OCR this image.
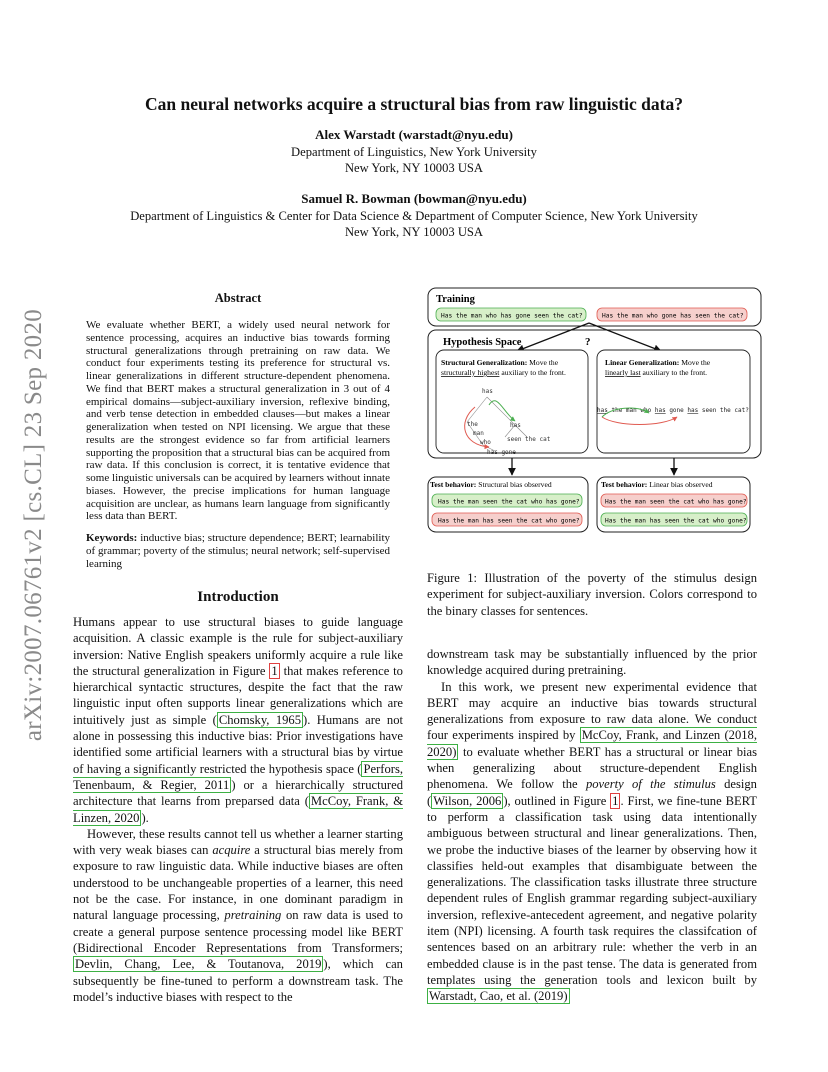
arXiv:2007.06761v2 [cs.CL] 23 Sep 2020
Can neural networks acquire a structural bias from raw linguistic data?
Alex Warstadt (warstadt@nyu.edu)
Department of Linguistics, New York University
New York, NY 10003 USA
Samuel R. Bowman (bowman@nyu.edu)
Department of Linguistics & Center for Data Science & Department of Computer Science, New York University
New York, NY 10003 USA
Abstract
We evaluate whether BERT, a widely used neural network for sentence processing, acquires an inductive bias towards forming structural generalizations through pretraining on raw data. We conduct four experiments testing its preference for structural vs. linear generalizations in different structure-dependent phenomena. We find that BERT makes a structural generalization in 3 out of 4 empirical domains—subject-auxiliary inversion, reflexive binding, and verb tense detection in embedded clauses—but makes a linear generalization when tested on NPI licensing. We argue that these results are the strongest evidence so far from artificial learners supporting the proposition that a structural bias can be acquired from raw data. If this conclusion is correct, it is tentative evidence that some linguistic universals can be acquired by learners without innate biases. However, the precise implications for human language acquisition are unclear, as humans learn language from significantly less data than BERT.
Keywords: inductive bias; structure dependence; BERT; learnability of grammar; poverty of the stimulus; neural network; self-supervised learning
Introduction

Humans appear to use structural biases to guide language acquisition. A classic example is the rule for subject-auxiliary inversion: Native English speakers uniformly acquire a rule like the structural generalization in Figure 1 that makes reference to hierarchical syntactic structures, despite the fact that the raw linguistic input often supports linear generalizations which are intuitively just as simple ( Chomsky, 1965 ). Humans are not alone in possessing this inductive bias: Prior investigations have identified some artificial learners with a structural bias by virtue of having a significantly restricted the hypothesis space ( Perfors, Tenenbaum, & Regier, 2011 ) or a hierarchically structured architecture that learns from preparsed data ( McCoy, Frank, & Linzen, 2020 ).

However, these results cannot tell us whether a learner starting with very weak biases can acquire a structural bias merely from exposure to raw linguistic data. While inductive biases are often understood to be unchangeable properties of a learner, this need not be the case. For instance, in one dominant paradigm in natural language processing, pretraining on raw data is used to create a general purpose sentence processing model like BERT (Bidirectional Encoder Representations from Transformers; Devlin, Chang, Lee, & Toutanova, 2019 ), which can subsequently be fine-tuned to perform a downstream task. The model’s inductive biases with respect to the

Training
Has the man who has gone seen the cat?	Has the man who gone has seen the cat?
Hypothesis Space	?
Structural Generalization: Move the
structurally highest auxiliary to the front.
has
the
man
who
has gone
has
seen the cat
Linear Generalization: Move the
linearly last auxiliary to the front.
has the man who has gone has seen the cat?
Test behavior: Structural bias observed
Has the man seen the cat who has gone?
Has the man has seen the cat who gone?
Test behavior: Linear bias observed
Has the man seen the cat who has gone?
Has the man has seen the cat who gone?
Figure 1: Illustration of the poverty of the stimulus design experiment for subject-auxiliary inversion. Colors correspond to the binary classes for sentences.

downstream task may be substantially influenced by the prior knowledge acquired during pretraining.

In this work, we present new experimental evidence that BERT may acquire an inductive bias towards structural generalizations from exposure to raw data alone. We conduct four experiments inspired by McCoy, Frank, and Linzen (2018, 2020) to evaluate whether BERT has a structural or linear bias when generalizing about structure-dependent English phenomena. We follow the poverty of the stimulus design ( Wilson, 2006 ), outlined in Figure 1 . First, we fine-tune BERT to perform a classification task using data intentionally ambiguous between structural and linear generalizations. Then, we probe the inductive biases of the learner by observing how it classifies held-out examples that disambiguate between the generalizations. The classification tasks illustrate three structure dependent rules of English grammar regarding subject-auxiliary inversion, reflexive-antecedent agreement, and negative polarity item (NPI) licensing. A fourth task requires the classifcation of sentences based on an arbitrary rule: whether the verb in an embedded clause is in the past tense. The data is generated from templates using the generation tools and lexicon built by Warstadt, Cao, et al. (2019)
